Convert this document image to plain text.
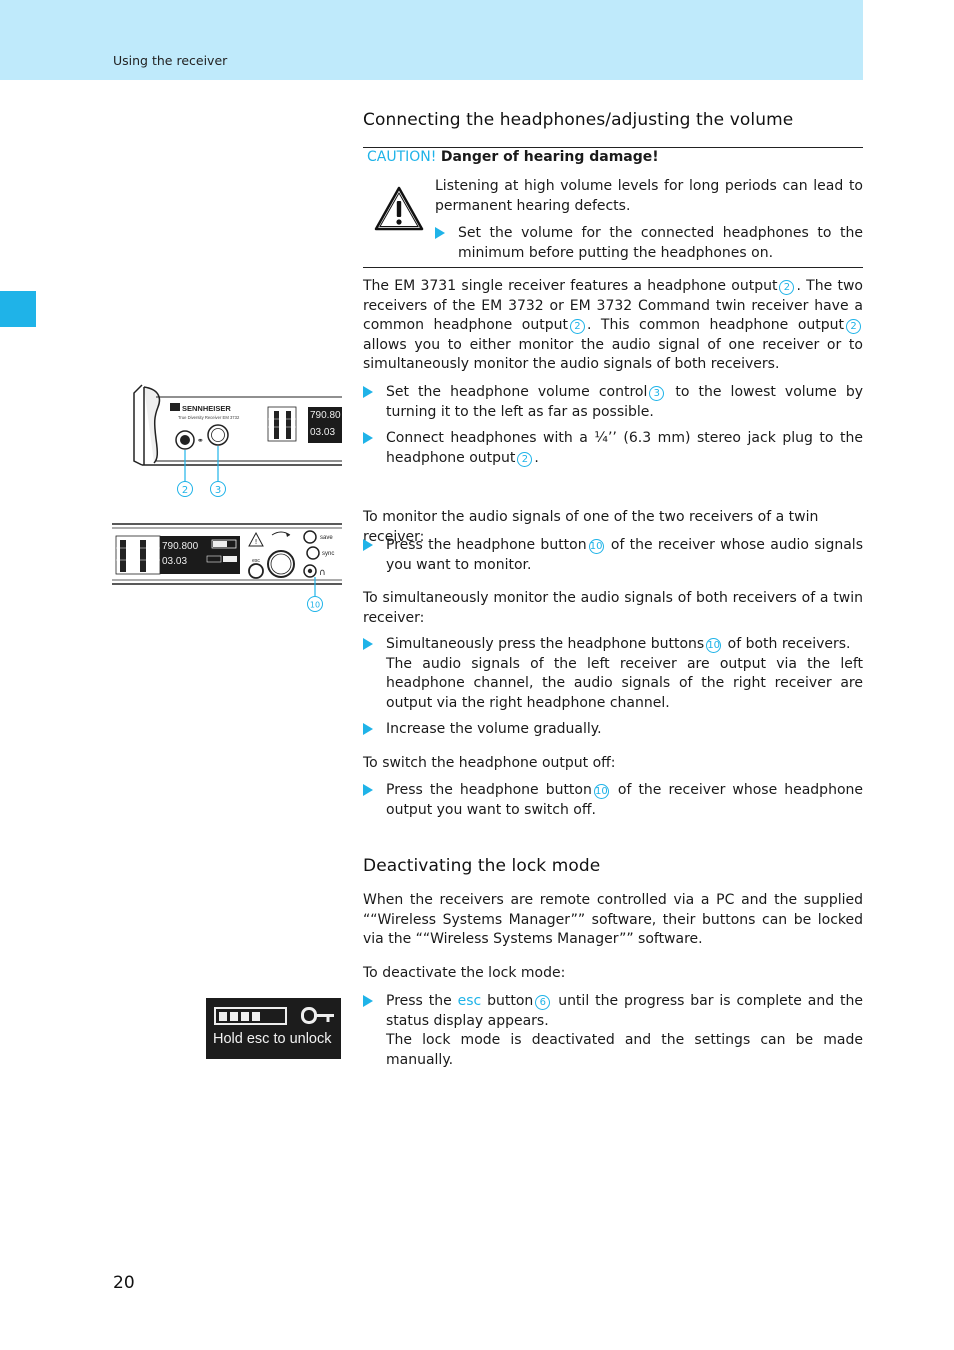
Using the receiver
Connecting the headphones/adjusting the volume
CAUTION! Danger of hearing damage!
Listening at high volume levels for long periods can lead to permanent hearing defects.
Set the volume for the connected headphones to the minimum before putting the headphones on.
The EM 3731 single receiver features a headphone output 2 . The two receivers of the EM 3732 or EM 3732 Command twin receiver have a common headphone output 2 . This common headphone output 2 allows you to either monitor the audio signal of one receiver or to simultaneously monitor the audio signals of both receivers.
Set the headphone volume control 3 to the lowest volume by turning it to the left as far as possible.
Connect headphones with a ¼’’ (6.3 mm) stereo jack plug to the headphone output 2 .
To monitor the audio signals of one of the two receivers of a twin receiver:
Press the headphone button 10 of the receiver whose audio signals you want to monitor.
To simultaneously monitor the audio signals of both receivers of a twin receiver:
Simultaneously press the headphone buttons 10 of both receivers.
The audio signals of the left receiver are output via the left headphone channel, the audio signals of the right receiver are output via the right headphone channel.
Increase the volume gradually.
To switch the headphone output off:
Press the headphone button 10 of the receiver whose headphone output you want to switch off.
Deactivating the lock mode
When the receivers are remote controlled via a PC and the supplied ““Wireless Systems Manager”” software, their buttons can be locked via the ““Wireless Systems Manager”” software.
To deactivate the lock mode:
Press the esc button 6 until the progress bar is complete and the status display appears.
The lock mode is deactivated and the settings can be made manually.
SENNHEISER
True Diversity Receiver EM 3732
⚭
790.80
03.03
2	3
790.800
03.03
!
esc
save
sync
∩
10
Hold esc to unlock
20
